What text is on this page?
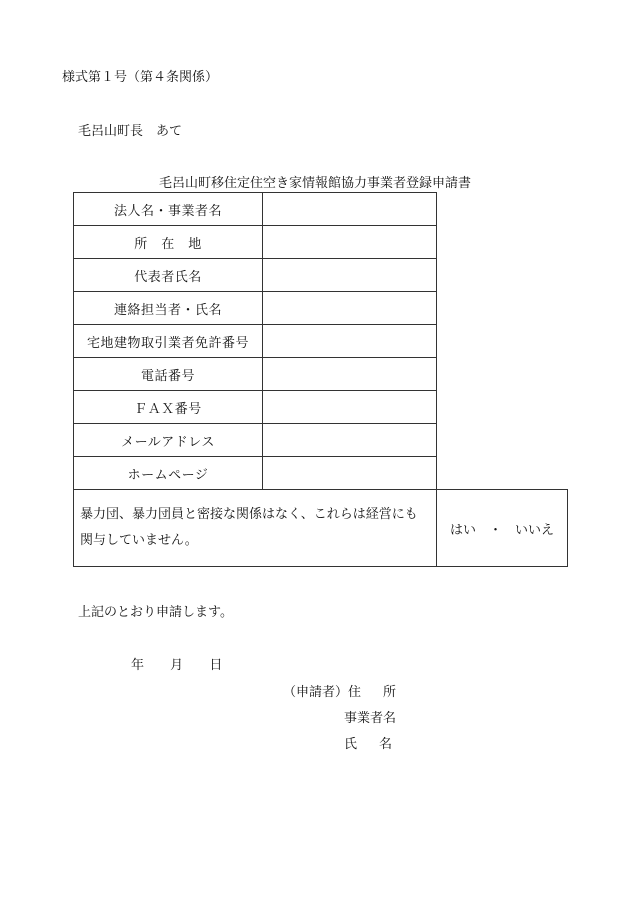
様式第１号（第４条関係）
毛呂山町長　あて
毛呂山町移住定住空き家情報館協力事業者登録申請書
法人名・事業者名		
所　在　地		
代表者氏名		
連絡担当者・氏名		
宅地建物取引業者免許番号		
電話番号		
ＦＡＸ番号		
メールアドレス		
ホームページ		
暴力団、暴力団員と密接な関係はなく、これらは経営にも関与していません。		はい　・　いいえ
上記のとおり申請します。
年 月 日
（申請者）住 所
事業者名
氏 名
